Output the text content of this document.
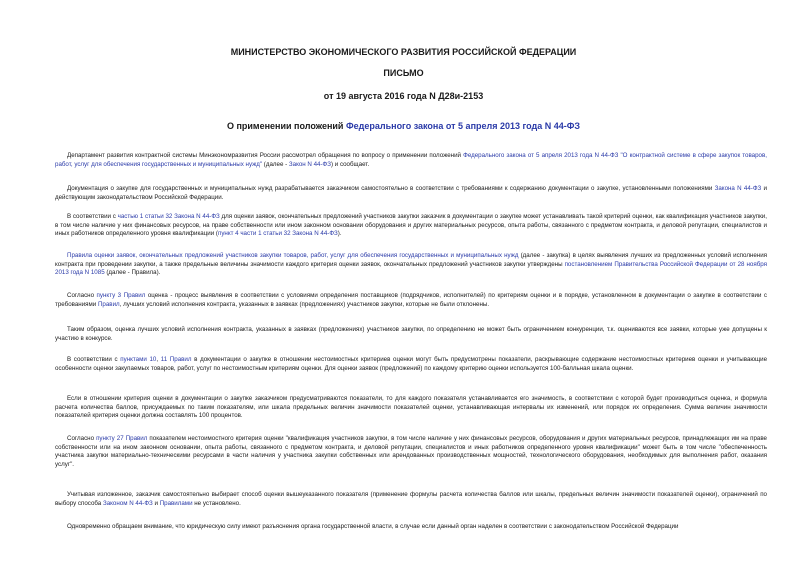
МИНИСТЕРСТВО ЭКОНОМИЧЕСКОГО РАЗВИТИЯ РОССИЙСКОЙ ФЕДЕРАЦИИ
ПИСЬМО
от 19 августа 2016 года N Д28и-2153
О применении положений Федерального закона от 5 апреля 2013 года N 44-ФЗ
Департамент развития контрактной системы Минэкономразвития России рассмотрел обращения по вопросу о применении положений Федерального закона от 5 апреля 2013 года N 44-ФЗ "О контрактной системе в сфере закупок товаров, работ, услуг для обеспечения государственных и муниципальных нужд" (далее - Закон N 44-ФЗ) и сообщает.
Документация о закупке для государственных и муниципальных нужд разрабатывается заказчиком самостоятельно в соответствии с требованиями к содержанию документации о закупке, установленными положениями Закона N 44-ФЗ и действующим законодательством Российской Федерации.
В соответствии с частью 1 статьи 32 Закона N 44-ФЗ для оценки заявок, окончательных предложений участников закупки заказчик в документации о закупке может устанавливать такой критерий оценки, как квалификация участников закупки, в том числе наличие у них финансовых ресурсов, на праве собственности или ином законном основании оборудования и других материальных ресурсов, опыта работы, связанного с предметом контракта, и деловой репутации, специалистов и иных работников определенного уровня квалификации (пункт 4 части 1 статьи 32 Закона N 44-ФЗ).
Правила оценки заявок, окончательных предложений участников закупки товаров, работ, услуг для обеспечения государственных и муниципальных нужд (далее - закупка) в целях выявления лучших из предложенных условий исполнения контракта при проведении закупки, а также предельные величины значимости каждого критерия оценки заявок, окончательных предложений участников закупки утверждены постановлением Правительства Российской Федерации от 28 ноября 2013 года N 1085 (далее - Правила).
Согласно пункту 3 Правил оценка - процесс выявления в соответствии с условиями определения поставщиков (подрядчиков, исполнителей) по критериям оценки и в порядке, установленном в документации о закупке в соответствии с требованиями Правил, лучших условий исполнения контракта, указанных в заявках (предложениях) участников закупки, которые не были отклонены.
Таким образом, оценка лучших условий исполнения контракта, указанных в заявках (предложениях) участников закупки, по определению не может быть ограничением конкуренции, т.к. оцениваются все заявки, которые уже допущены к участию в конкурсе.
В соответствии с пунктами 10, 11 Правил в документации о закупке в отношении нестоимостных критериев оценки могут быть предусмотрены показатели, раскрывающие содержание нестоимостных критериев оценки и учитывающие особенности оценки закупаемых товаров, работ, услуг по нестоимостным критериям оценки. Для оценки заявок (предложений) по каждому критерию оценки используется 100-балльная шкала оценки.
Если в отношении критерия оценки в документации о закупке заказчиком предусматриваются показатели, то для каждого показателя устанавливается его значимость, в соответствии с которой будет производиться оценка, и формула расчета количества баллов, присуждаемых по таким показателям, или шкала предельных величин значимости показателей оценки, устанавливающая интервалы их изменений, или порядок их определения. Сумма величин значимости показателей критерия оценки должна составлять 100 процентов.
Согласно пункту 27 Правил показателем нестоимостного критерия оценки "квалификация участников закупки, в том числе наличие у них финансовых ресурсов, оборудования и других материальных ресурсов, принадлежащих им на праве собственности или на ином законном основании, опыта работы, связанного с предметом контракта, и деловой репутации, специалистов и иных работников определенного уровня квалификации" может быть в том числе "обеспеченность участника закупки материально-техническими ресурсами в части наличия у участника закупки собственных или арендованных производственных мощностей, технологического оборудования, необходимых для выполнения работ, оказания услуг".
Учитывая изложенное, заказчик самостоятельно выбирает способ оценки вышеуказанного показателя (применение формулы расчета количества баллов или шкалы, предельных величин значимости показателей оценки), ограничений по выбору способа Законом N 44-ФЗ и Правилами не установлено.
Одновременно обращаем внимание, что юридическую силу имеют разъяснения органа государственной власти, в случае если данный орган наделен в соответствии с законодательством Российской Федерации
